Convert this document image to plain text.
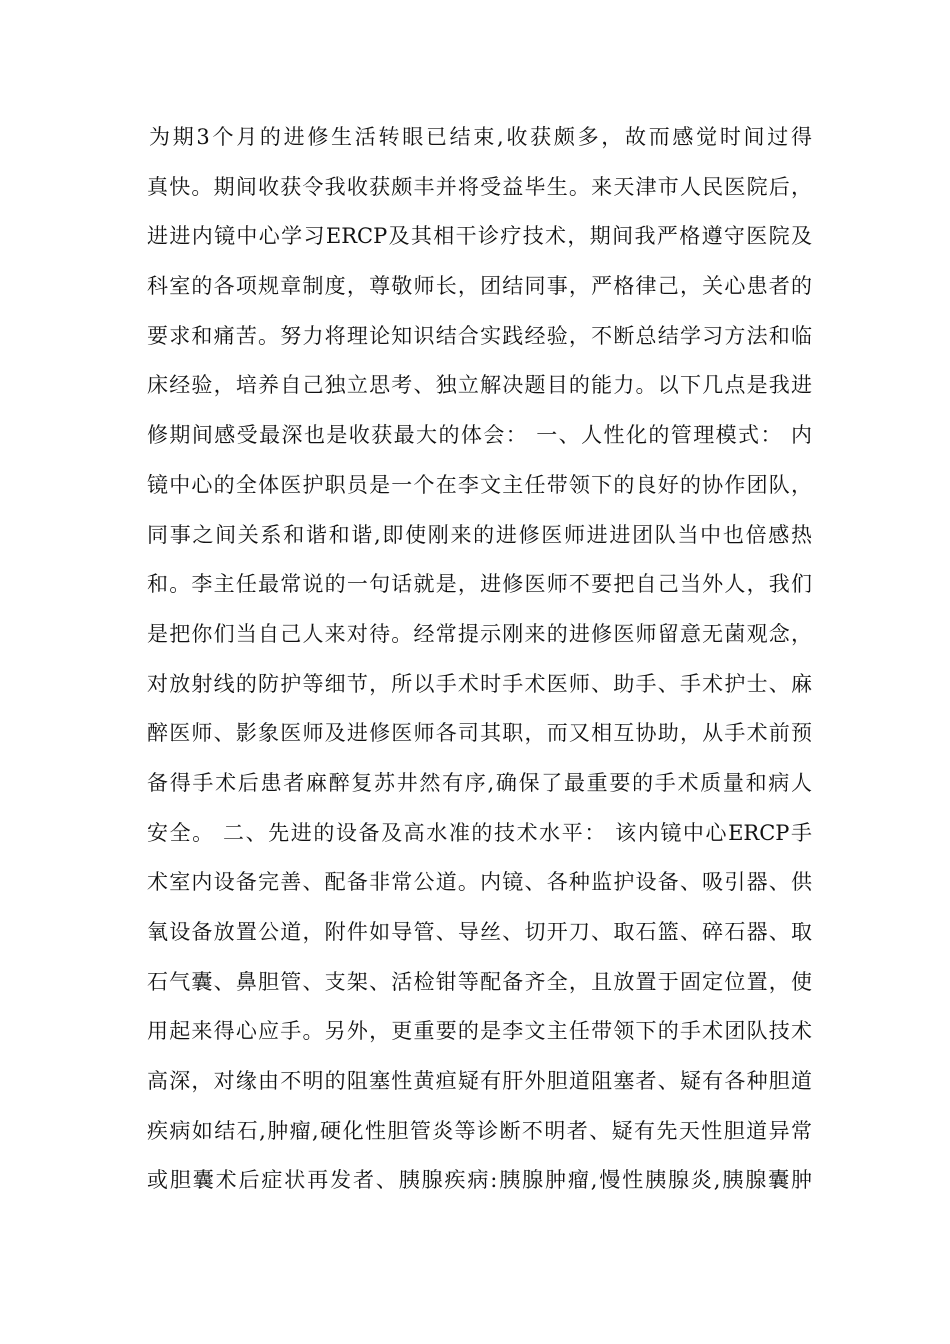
为期3个月的进修生活转眼已结束,收获颇多，故而感觉时间过得
真快。期间收获令我收获颇丰并将受益毕生。来天津市人民医院后，
进进内镜中心学习ERCP及其相干诊疗技术，期间我严格遵守医院及
科室的各项规章制度，尊敬师长，团结同事，严格律己，关心患者的
要求和痛苦。努力将理论知识结合实践经验，不断总结学习方法和临
床经验，培养自己独立思考、独立解决题目的能力。以下几点是我进
修期间感受最深也是收获最大的体会： 一、人性化的管理模式： 内
镜中心的全体医护职员是一个在李文主任带领下的良好的协作团队，
同事之间关系和谐和谐,即使刚来的进修医师进进团队当中也倍感热
和。李主任最常说的一句话就是，进修医师不要把自己当外人，我们
是把你们当自己人来对待。经常提示刚来的进修医师留意无菌观念，
对放射线的防护等细节，所以手术时手术医师、助手、手术护士、麻
醉医师、影象医师及进修医师各司其职，而又相互协助，从手术前预
备得手术后患者麻醉复苏井然有序,确保了最重要的手术质量和病人
安全。 二、先进的设备及高水准的技术水平： 该内镜中心ERCP手
术室内设备完善、配备非常公道。内镜、各种监护设备、吸引器、供
氧设备放置公道，附件如导管、导丝、切开刀、取石篮、碎石器、取
石气囊、鼻胆管、支架、活检钳等配备齐全，且放置于固定位置，使
用起来得心应手。另外，更重要的是李文主任带领下的手术团队技术
高深，对缘由不明的阻塞性黄疸疑有肝外胆道阻塞者、疑有各种胆道
疾病如结石,肿瘤,硬化性胆管炎等诊断不明者、疑有先天性胆道异常
或胆囊术后症状再发者、胰腺疾病:胰腺肿瘤,慢性胰腺炎,胰腺囊肿
